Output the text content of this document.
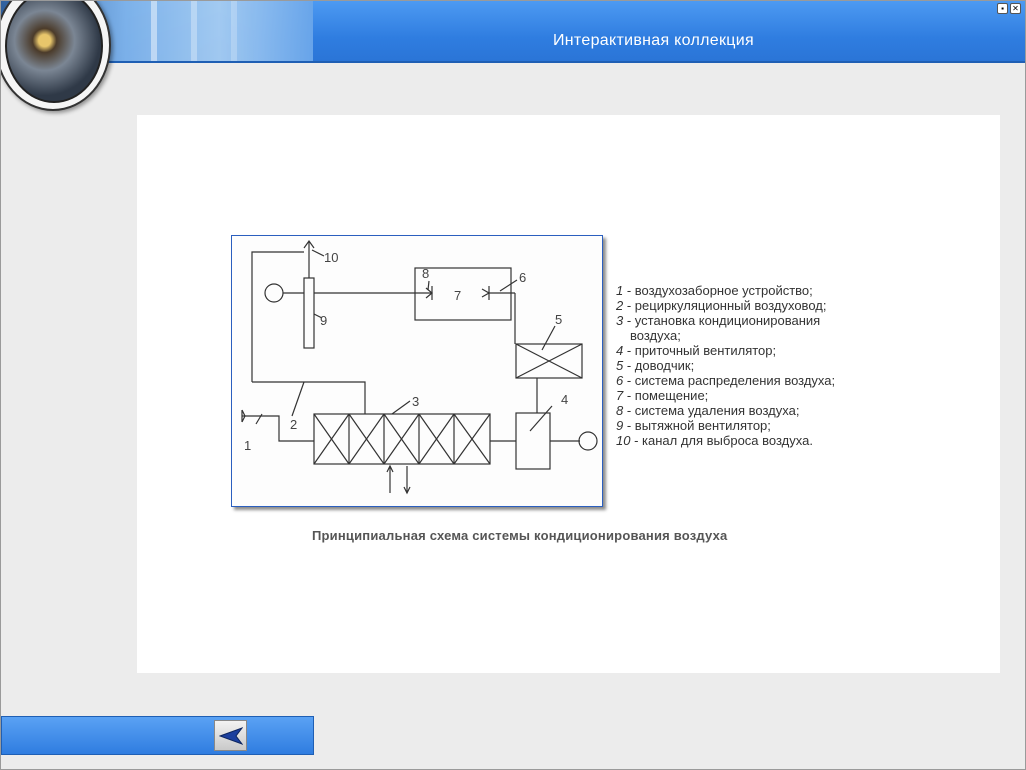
Интерактивная коллекция
▪	✕
1
2
3	4
5
6
7
8
9
10
1 - воздухозаборное устройство;
2 - рециркуляционный воздуховод;
3 - установка кондиционирования
воздуха;
4 - приточный вентилятор;
5 - доводчик;
6 - система распределения воздуха;
7 - помещение;
8 - система удаления воздуха;
9 - вытяжной вентилятор;
10 - канал для выброса воздуха.
Принципиальная схема системы кондиционирования воздуха
